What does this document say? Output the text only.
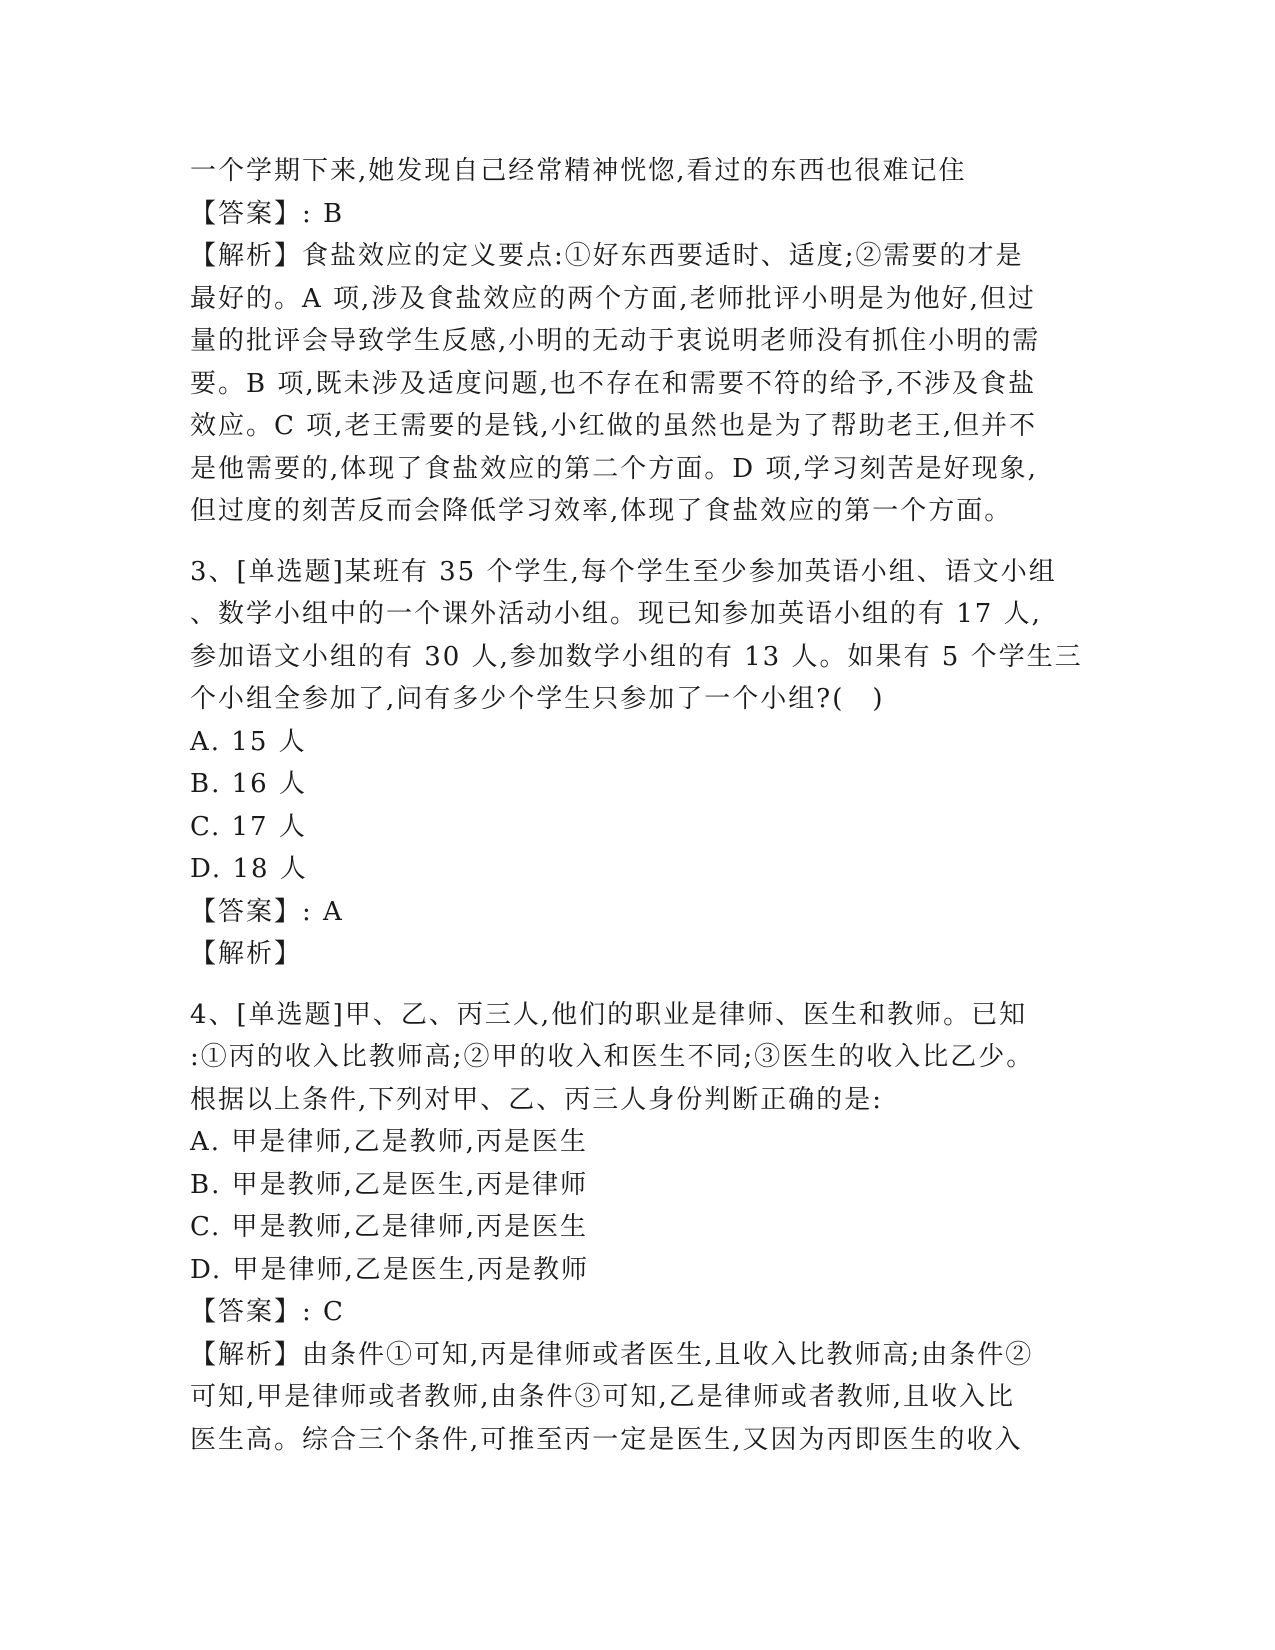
一个学期下来,她发现自己经常精神恍惚,看过的东西也很难记住
【答案】: B
【解析】食盐效应的定义要点:①好东西要适时、适度;②需要的才是
最好的。A 项,涉及食盐效应的两个方面,老师批评小明是为他好,但过
量的批评会导致学生反感,小明的无动于衷说明老师没有抓住小明的需
要。B 项,既未涉及适度问题,也不存在和需要不符的给予,不涉及食盐
效应。C 项,老王需要的是钱,小红做的虽然也是为了帮助老王,但并不
是他需要的,体现了食盐效应的第二个方面。D 项,学习刻苦是好现象,
但过度的刻苦反而会降低学习效率,体现了食盐效应的第一个方面。
3、[单选题]某班有 35 个学生,每个学生至少参加英语小组、语文小组
、数学小组中的一个课外活动小组。现已知参加英语小组的有 17 人,
参加语文小组的有 30 人,参加数学小组的有 13 人。如果有 5 个学生三
个小组全参加了,问有多少个学生只参加了一个小组?(　)
A. 15 人
B. 16 人
C. 17 人
D. 18 人
【答案】: A
【解析】
4、[单选题]甲、乙、丙三人,他们的职业是律师、医生和教师。已知
:①丙的收入比教师高;②甲的收入和医生不同;③医生的收入比乙少。
根据以上条件,下列对甲、乙、丙三人身份判断正确的是:
A. 甲是律师,乙是教师,丙是医生
B. 甲是教师,乙是医生,丙是律师
C. 甲是教师,乙是律师,丙是医生
D. 甲是律师,乙是医生,丙是教师
【答案】: C
【解析】由条件①可知,丙是律师或者医生,且收入比教师高;由条件②
可知,甲是律师或者教师,由条件③可知,乙是律师或者教师,且收入比
医生高。综合三个条件,可推至丙一定是医生,又因为丙即医生的收入
